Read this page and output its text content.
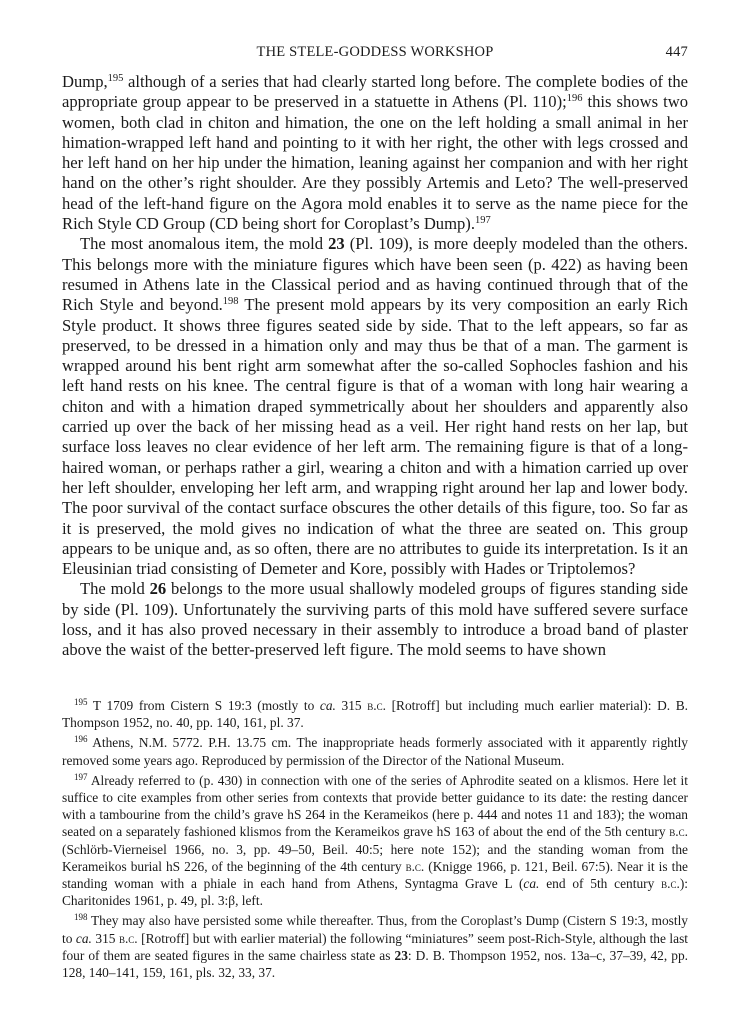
THE STELE-GODDESS WORKSHOP	447

Dump,$^{195}$ although of a series that had clearly started long before. The complete bodies of the appropriate group appear to be preserved in a statuette in Athens (Pl. 110);$^{196}$ this shows two women, both clad in chiton and himation, the one on the left holding a small animal in her himation-wrapped left hand and pointing to it with her right, the other with legs crossed and her left hand on her hip under the himation, leaning against her companion and with her right hand on the other’s right shoulder. Are they possibly Artemis and Leto? The well-preserved head of the left-hand figure on the Agora mold enables it to serve as the name piece for the Rich Style CD Group (CD being short for Coroplast’s Dump).$^{197}$

The most anomalous item, the mold 23 (Pl. 109), is more deeply modeled than the others. This belongs more with the miniature figures which have been seen (p. 422) as having been resumed in Athens late in the Classical period and as having continued through that of the Rich Style and beyond.$^{198}$ The present mold appears by its very composition an early Rich Style product. It shows three figures seated side by side. That to the left appears, so far as preserved, to be dressed in a himation only and may thus be that of a man. The garment is wrapped around his bent right arm somewhat after the so-called Sophocles fashion and his left hand rests on his knee. The central figure is that of a woman with long hair wearing a chiton and with a himation draped symmetrically about her shoulders and apparently also carried up over the back of her missing head as a veil. Her right hand rests on her lap, but surface loss leaves no clear evidence of her left arm. The remaining figure is that of a long-haired woman, or perhaps rather a girl, wearing a chiton and with a himation carried up over her left shoulder, enveloping her left arm, and wrapping right around her lap and lower body. The poor survival of the contact surface obscures the other details of this figure, too. So far as it is preserved, the mold gives no indication of what the three are seated on. This group appears to be unique and, as so often, there are no attributes to guide its interpretation. Is it an Eleusinian triad consisting of Demeter and Kore, possibly with Hades or Triptolemos?

The mold 26 belongs to the more usual shallowly modeled groups of figures standing side by side (Pl. 109). Unfortunately the surviving parts of this mold have suffered severe surface loss, and it has also proved necessary in their assembly to introduce a broad band of plaster above the waist of the better-preserved left figure. The mold seems to have shown

$^{195}$ T 1709 from Cistern S 19:3 (mostly to ca. 315 b.c. [Rotroff] but including much earlier material): D. B. Thompson 1952, no. 40, pp. 140, 161, pl. 37.

$^{196}$ Athens, N.M. 5772. P.H. 13.75 cm. The inappropriate heads formerly associated with it apparently rightly removed some years ago. Reproduced by permission of the Director of the National Museum.

$^{197}$ Already referred to (p. 430) in connection with one of the series of Aphrodite seated on a klismos. Here let it suffice to cite examples from other series from contexts that provide better guidance to its date: the resting dancer with a tambourine from the child’s grave hS 264 in the Kerameikos (here p. 444 and notes 11 and 183); the woman seated on a separately fashioned klismos from the Kerameikos grave hS 163 of about the end of the 5th century b.c. (Schlörb-Vierneisel 1966, no. 3, pp. 49–50, Beil. 40:5; here note 152); and the standing woman from the Kerameikos burial hS 226, of the beginning of the 4th century b.c. (Knigge 1966, p. 121, Beil. 67:5). Near it is the standing woman with a phiale in each hand from Athens, Syntagma Grave L (ca. end of 5th century b.c.): Charitonides 1961, p. 49, pl. 3:β, left.

$^{198}$ They may also have persisted some while thereafter. Thus, from the Coroplast’s Dump (Cistern S 19:3, mostly to ca. 315 b.c. [Rotroff] but with earlier material) the following “miniatures” seem post-Rich-Style, although the last four of them are seated figures in the same chairless state as 23: D. B. Thompson 1952, nos. 13a–c, 37–39, 42, pp. 128, 140–141, 159, 161, pls. 32, 33, 37.
